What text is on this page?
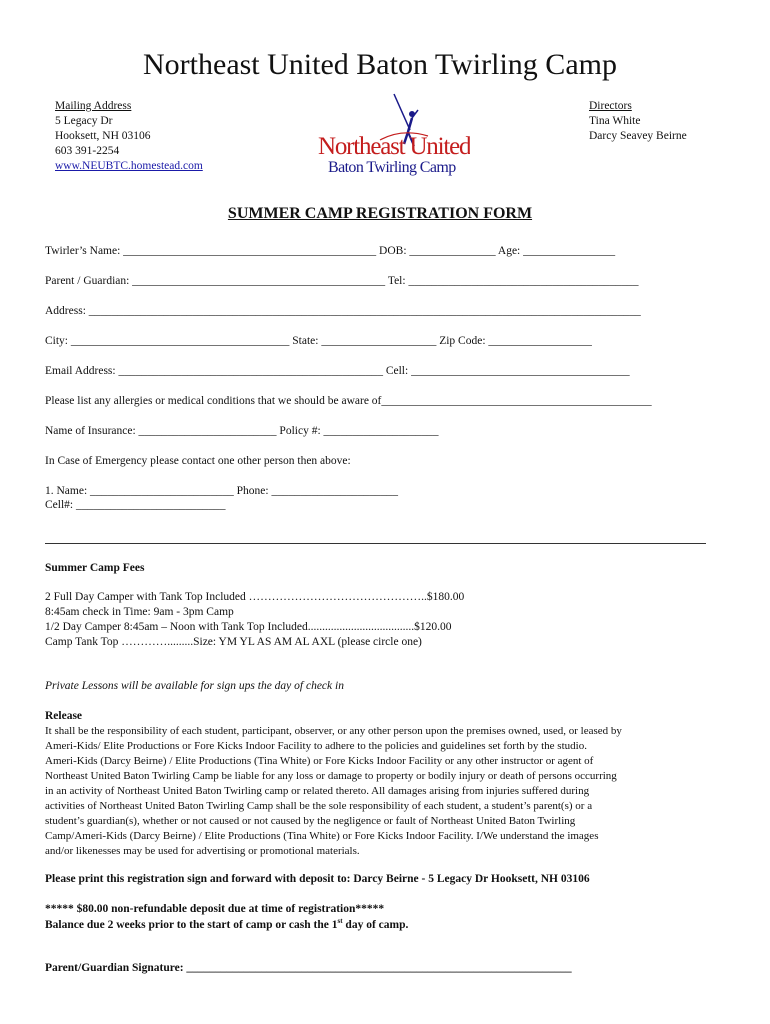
Northeast United Baton Twirling Camp
Mailing Address
5 Legacy Dr
Hooksett, NH 03106
603 391-2254
www.NEUBTC.homestead.com
Northeast United
Baton Twirling Camp
Directors
Tina White
Darcy Seavey Beirne
SUMMER CAMP REGISTRATION FORM
Twirler’s Name: ____________________________________________ DOB: _______________ Age: ________________
Parent / Guardian: ____________________________________________ Tel: ________________________________________
Address: ________________________________________________________________________________________________
City: ______________________________________ State: ____________________ Zip Code: __________________
Email Address: ______________________________________________ Cell: ______________________________________
Please list any allergies or medical conditions that we should be aware of_______________________________________________
Name of Insurance: ________________________ Policy #: ____________________
In Case of Emergency please contact one other person then above:
1. Name: _________________________ Phone: ______________________
Cell#: __________________________
Summer Camp Fees
2 Full Day Camper with Tank Top Included ………………………………………..$180.00
8:45am check in Time: 9am - 3pm Camp
1/2 Day Camper 8:45am – Noon with Tank Top Included.....................................$120.00
Camp Tank Top ………….........Size: YM YL AS AM AL AXL (please circle one)
Private Lessons will be available for sign ups the day of check in
Release
It shall be the responsibility of each student, participant, observer, or any other person upon the premises owned, used, or leased by
Ameri-Kids/ Elite Productions or Fore Kicks Indoor Facility to adhere to the policies and guidelines set forth by the studio.
Ameri-Kids (Darcy Beirne) / Elite Productions (Tina White) or Fore Kicks Indoor Facility or any other instructor or agent of
Northeast United Baton Twirling Camp be liable for any loss or damage to property or bodily injury or death of persons occurring
in an activity of Northeast United Baton Twirling camp or related thereto. All damages arising from injuries suffered during
activities of Northeast United Baton Twirling Camp shall be the sole responsibility of each student, a student’s parent(s) or a
student’s guardian(s), whether or not caused or not caused by the negligence or fault of Northeast United Baton Twirling
Camp/Ameri-Kids (Darcy Beirne) / Elite Productions (Tina White) or Fore Kicks Indoor Facility. I/We understand the images
and/or likenesses may be used for advertising or promotional materials.
Please print this registration sign and forward with deposit to: Darcy Beirne - 5 Legacy Dr Hooksett, NH 03106
***** $80.00 non-refundable deposit due at time of registration*****
Balance due 2 weeks prior to the start of camp or cash the 1st day of camp.
Parent/Guardian Signature: ___________________________________________________________________
